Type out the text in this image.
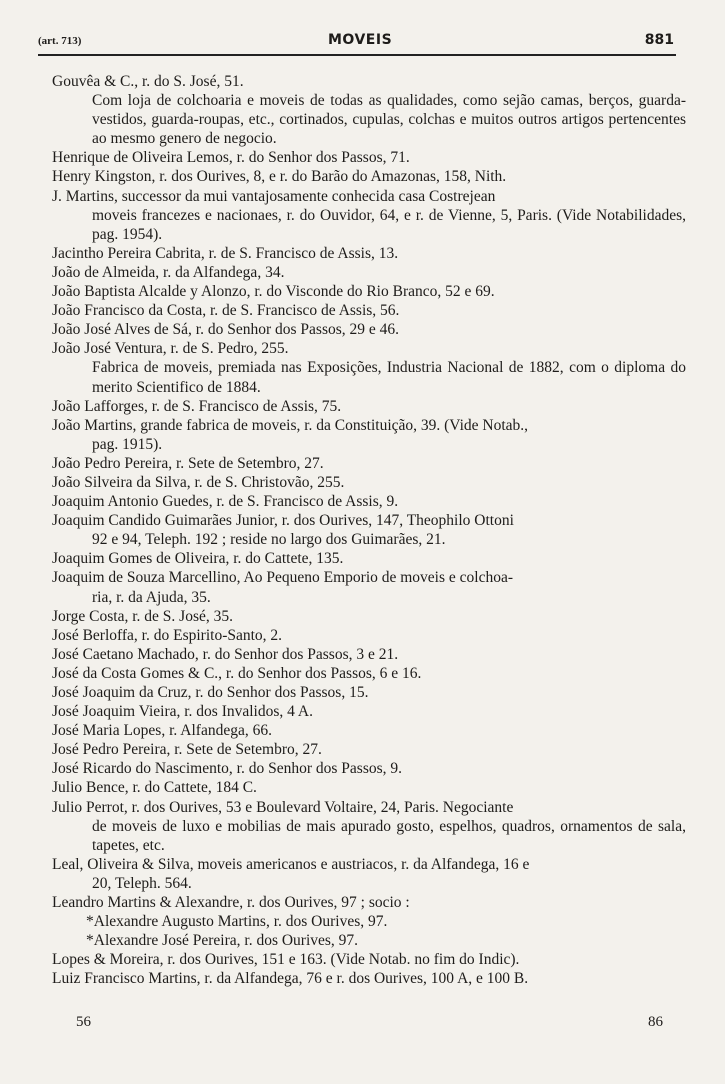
(art. 713)	MOVEIS	881
Gouvêa & C., r. do S. José, 51.
Com loja de colchoaria e moveis de todas as qualidades, como sejão camas, berços, guarda-vestidos, guarda-roupas, etc., cortinados, cupulas, colchas e muitos outros artigos pertencentes ao mesmo genero de negocio.
Henrique de Oliveira Lemos, r. do Senhor dos Passos, 71.
Henry Kingston, r. dos Ourives, 8, e r. do Barão do Amazonas, 158, Nith.
J. Martins, successor da mui vantajosamente conhecida casa Costrejean
moveis francezes e nacionaes, r. do Ouvidor, 64, e r. de Vienne, 5, Paris. (Vide Notabilidades, pag. 1954).
Jacintho Pereira Cabrita, r. de S. Francisco de Assis, 13.
João de Almeida, r. da Alfandega, 34.
João Baptista Alcalde y Alonzo, r. do Visconde do Rio Branco, 52 e 69.
João Francisco da Costa, r. de S. Francisco de Assis, 56.
João José Alves de Sá, r. do Senhor dos Passos, 29 e 46.
João José Ventura, r. de S. Pedro, 255.
Fabrica de moveis, premiada nas Exposições, Industria Nacional de 1882, com o diploma do merito Scientifico de 1884.
João Lafforges, r. de S. Francisco de Assis, 75.
João Martins, grande fabrica de moveis, r. da Constituição, 39. (Vide Notab.,
pag. 1915).
João Pedro Pereira, r. Sete de Setembro, 27.
João Silveira da Silva, r. de S. Christovão, 255.
Joaquim Antonio Guedes, r. de S. Francisco de Assis, 9.
Joaquim Candido Guimarães Junior, r. dos Ourives, 147, Theophilo Ottoni
92 e 94, Teleph. 192 ; reside no largo dos Guimarães, 21.
Joaquim Gomes de Oliveira, r. do Cattete, 135.
Joaquim de Souza Marcellino, Ao Pequeno Emporio de moveis e colchoa-
ria, r. da Ajuda, 35.
Jorge Costa, r. de S. José, 35.
José Berloffa, r. do Espirito-Santo, 2.
José Caetano Machado, r. do Senhor dos Passos, 3 e 21.
José da Costa Gomes & C., r. do Senhor dos Passos, 6 e 16.
José Joaquim da Cruz, r. do Senhor dos Passos, 15.
José Joaquim Vieira, r. dos Invalidos, 4 A.
José Maria Lopes, r. Alfandega, 66.
José Pedro Pereira, r. Sete de Setembro, 27.
José Ricardo do Nascimento, r. do Senhor dos Passos, 9.
Julio Bence, r. do Cattete, 184 C.
Julio Perrot, r. dos Ourives, 53 e Boulevard Voltaire, 24, Paris. Negociante
de moveis de luxo e mobilias de mais apurado gosto, espelhos, quadros, ornamentos de sala, tapetes, etc.
Leal, Oliveira & Silva, moveis americanos e austriacos, r. da Alfandega, 16 e
20, Teleph. 564.
Leandro Martins & Alexandre, r. dos Ourives, 97 ; socio :
*Alexandre Augusto Martins, r. dos Ourives, 97.
*Alexandre José Pereira, r. dos Ourives, 97.
Lopes & Moreira, r. dos Ourives, 151 e 163. (Vide Notab. no fim do Indic).
Luiz Francisco Martins, r. da Alfandega, 76 e r. dos Ourives, 100 A, e 100 B.
56	86
